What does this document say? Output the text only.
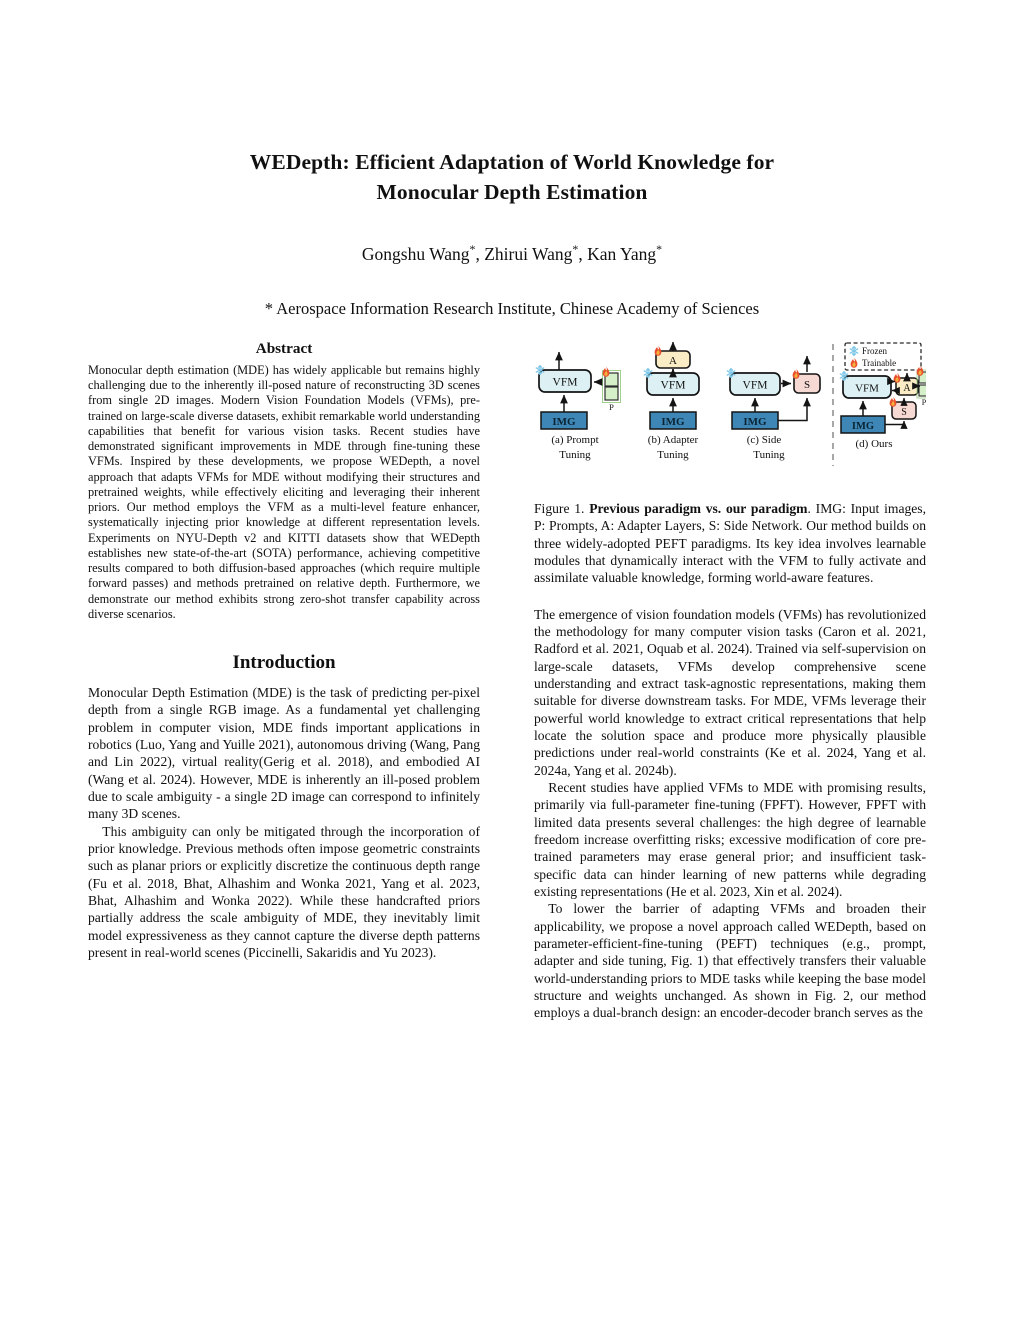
WEDepth: Efficient Adaptation of World Knowledge for
Monocular Depth Estimation
Gongshu Wang*, Zhirui Wang*, Kan Yang*
* Aerospace Information Research Institute, Chinese Academy of Sciences
Abstract

Monocular depth estimation (MDE) has widely applicable but remains highly challenging due to the inherently ill-posed nature of reconstructing 3D scenes from single 2D images. Modern Vision Foundation Models (VFMs), pre-trained on large-scale diverse datasets, exhibit remarkable world understanding capabilities that benefit for various vision tasks. Recent studies have demonstrated significant improvements in MDE through fine-tuning these VFMs. Inspired by these developments, we propose WEDepth, a novel approach that adapts VFMs for MDE without modifying their structures and pretrained weights, while effectively eliciting and leveraging their inherent priors. Our method employs the VFM as a multi-level feature enhancer, systematically injecting prior knowledge at different representation levels. Experiments on NYU-Depth v2 and KITTI datasets show that WEDepth establishes new state-of-the-art (SOTA) performance, achieving competitive results compared to both diffusion-based approaches (which require multiple forward passes) and methods pretrained on relative depth. Furthermore, we demonstrate our method exhibits strong zero-shot transfer capability across diverse scenarios.

Introduction

Monocular Depth Estimation (MDE) is the task of predicting per-pixel depth from a single RGB image. As a fundamental yet challenging problem in computer vision, MDE finds important applications in robotics (Luo, Yang and Yuille 2021), autonomous driving (Wang, Pang and Lin 2022), virtual reality(Gerig et al. 2018), and embodied AI (Wang et al. 2024). However, MDE is inherently an ill-posed problem due to scale ambiguity - a single 2D image can correspond to infinitely many 3D scenes.

This ambiguity can only be mitigated through the incorporation of prior knowledge. Previous methods often impose geometric constraints such as planar priors or explicitly discretize the continuous depth range (Fu et al. 2018, Bhat, Alhashim and Wonka 2021, Yang et al. 2023, Bhat, Alhashim and Wonka 2022). While these handcrafted priors partially address the scale ambiguity of MDE, they inevitably limit model expressiveness as they cannot capture the diverse depth patterns present in real-world scenes (Piccinelli, Sakaridis and Yu 2023).

VFM
IMG
P
(a) Prompt
Tuning
A
VFM
IMG
(b) Adapter
Tuning
VFM	S
IMG
(c) Side
Tuning
Frozen
Trainable
VFM A
S
IMG
P
(d) Ours

Figure 1. Previous paradigm vs. our paradigm. IMG: Input images, P: Prompts, A: Adapter Layers, S: Side Network. Our method builds on three widely-adopted PEFT paradigms. Its key idea involves learnable modules that dynamically interact with the VFM to fully activate and assimilate valuable knowledge, forming world-aware features.

The emergence of vision foundation models (VFMs) has revolutionized the methodology for many computer vision tasks (Caron et al. 2021, Radford et al. 2021, Oquab et al. 2024). Trained via self-supervision on large-scale datasets, VFMs develop comprehensive scene understanding and extract task-agnostic representations, making them suitable for diverse downstream tasks. For MDE, VFMs leverage their powerful world knowledge to extract critical representations that help locate the solution space and produce more physically plausible predictions under real-world constraints (Ke et al. 2024, Yang et al. 2024a, Yang et al. 2024b).

Recent studies have applied VFMs to MDE with promising results, primarily via full-parameter fine-tuning (FPFT). However, FPFT with limited data presents several challenges: the high degree of learnable freedom increase overfitting risks; excessive modification of core pre-trained parameters may erase general prior; and insufficient task-specific data can hinder learning of new patterns while degrading existing representations (He et al. 2023, Xin et al. 2024).

To lower the barrier of adapting VFMs and broaden their applicability, we propose a novel approach called WEDepth, based on parameter-efficient-fine-tuning (PEFT) techniques (e.g., prompt, adapter and side tuning, Fig. 1) that effectively transfers their valuable world-understanding priors to MDE tasks while keeping the base model structure and weights unchanged. As shown in Fig. 2, our method employs a dual-branch design: an encoder-decoder branch serves as the
